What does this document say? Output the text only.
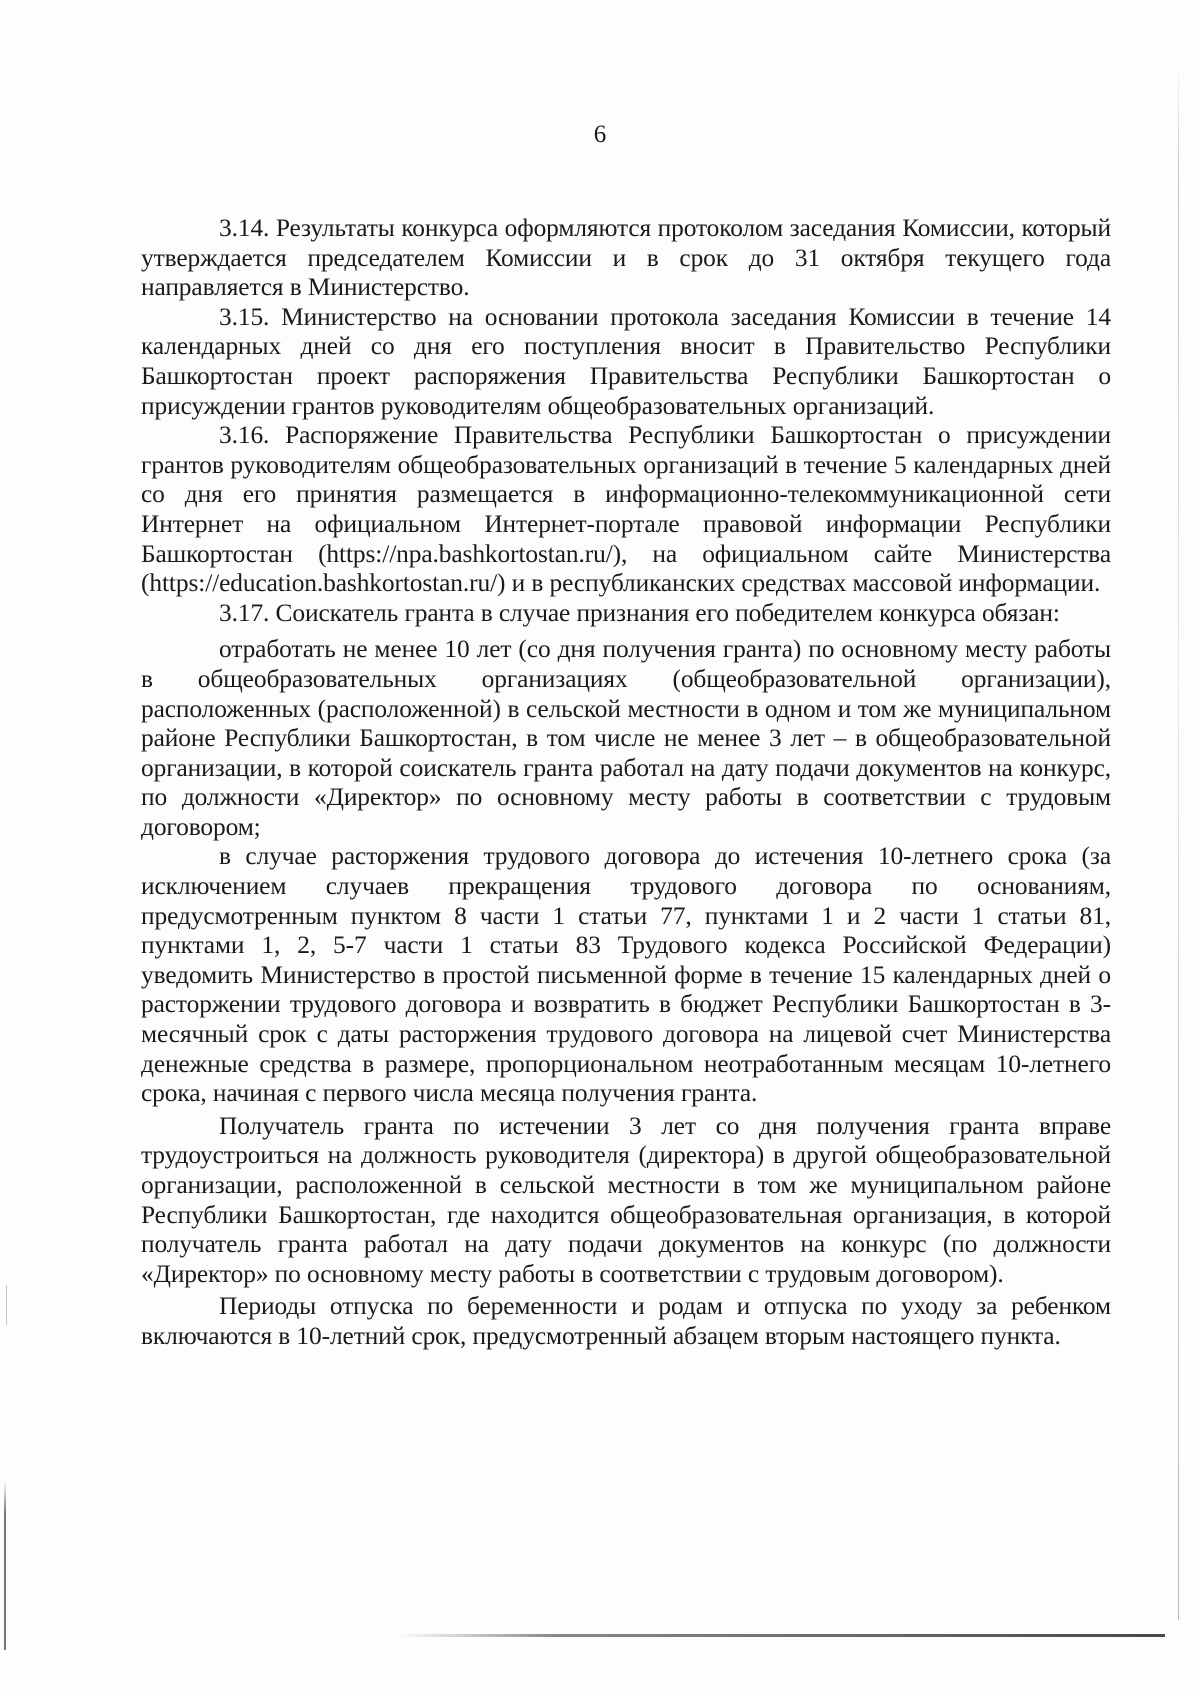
6

3.14. Результаты конкурса оформляются протоколом заседания Комиссии, который утверждается председателем Комиссии и в срок до 31 октября текущего года направляется в Министерство.

3.15. Министерство на основании протокола заседания Комиссии в течение 14 календарных дней со дня его поступления вносит в Правительство Республики Башкортостан проект распоряжения Правительства Республики Башкортостан о присуждении грантов руководителям общеобразовательных организаций.

3.16. Распоряжение Правительства Республики Башкортостан о присуждении грантов руководителям общеобразовательных организаций в течение 5 календарных дней со дня его принятия размещается в информационно-телекоммуникационной сети Интернет на официальном Интернет-портале правовой информации Республики Башкортостан (https://npa.bashkortostan.ru/), на официальном сайте Министерства (https://education.bashkortostan.ru/) и в республиканских средствах массовой информации.

3.17. Соискатель гранта в случае признания его победителем конкурса обязан:

отработать не менее 10 лет (со дня получения гранта) по основному месту работы в общеобразовательных организациях (общеобразовательной организации), расположенных (расположенной) в сельской местности в одном и том же муниципальном районе Республики Башкортостан, в том числе не менее 3 лет – в общеобразовательной организации, в которой соискатель гранта работал на дату подачи документов на конкурс, по должности «Директор» по основному месту работы в соответствии с трудовым договором;

в случае расторжения трудового договора до истечения 10-летнего срока (за исключением случаев прекращения трудового договора по основаниям, предусмотренным пунктом 8 части 1 статьи 77, пунктами 1 и 2 части 1 статьи 81, пунктами 1, 2, 5-7 части 1 статьи 83 Трудового кодекса Российской Федерации) уведомить Министерство в простой письменной форме в течение 15 календарных дней о расторжении трудового договора и возвратить в бюджет Республики Башкортостан в 3-месячный срок с даты расторжения трудового договора на лицевой счет Министерства денежные средства в размере, пропорциональном неотработанным месяцам 10-летнего срока, начиная с первого числа месяца получения гранта.

Получатель гранта по истечении 3 лет со дня получения гранта вправе трудоустроиться на должность руководителя (директора) в другой общеобразовательной организации, расположенной в сельской местности в том же муниципальном районе Республики Башкортостан, где находится общеобразовательная организация, в которой получатель гранта работал на дату подачи документов на конкурс (по должности «Директор» по основному месту работы в соответствии с трудовым договором).

Периоды отпуска по беременности и родам и отпуска по уходу за ребенком включаются в 10-летний срок, предусмотренный абзацем вторым настоящего пункта.
